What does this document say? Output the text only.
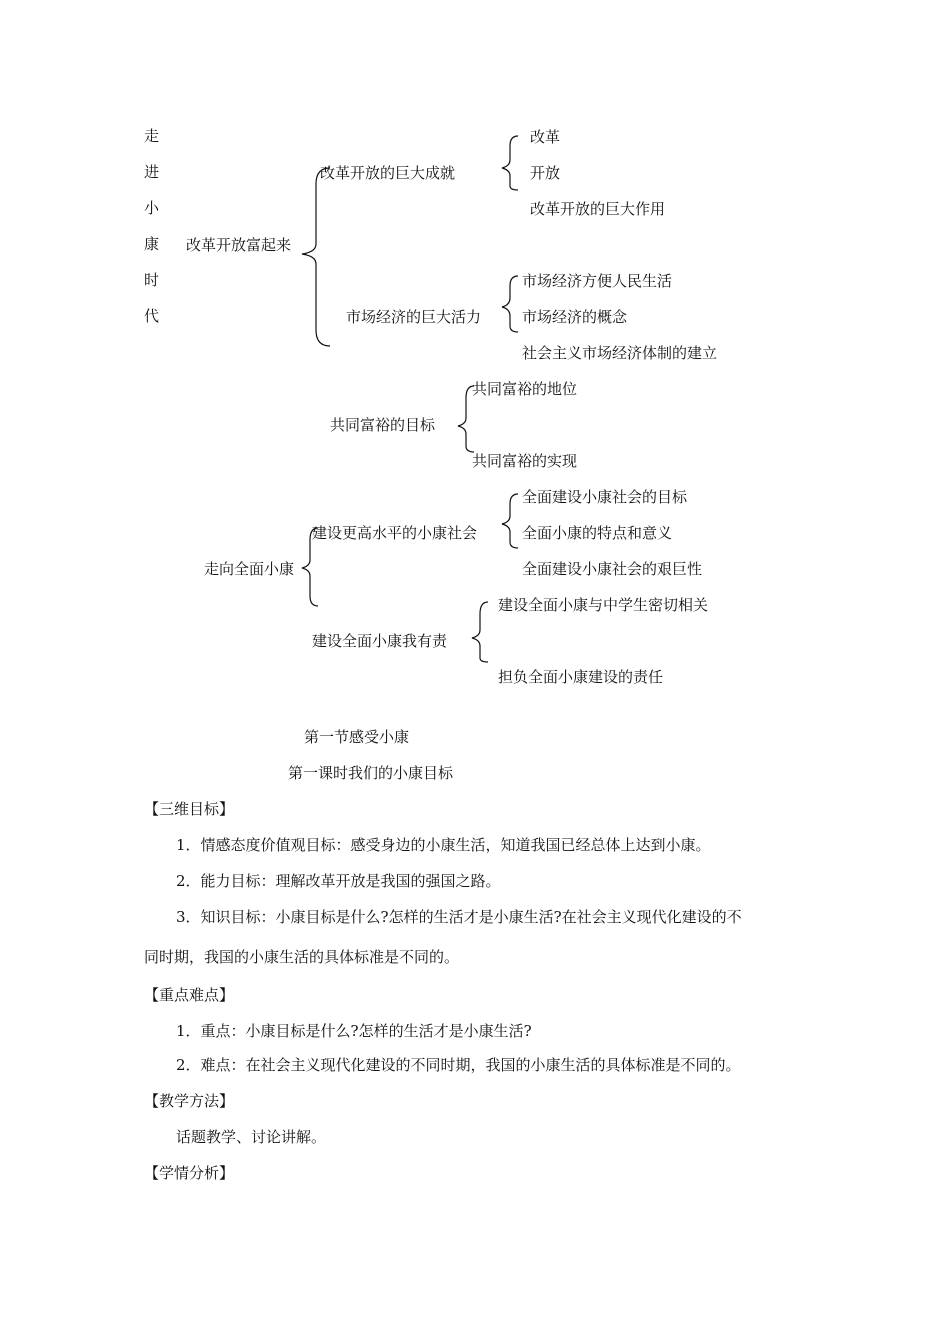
走
进
小
康
时
代
改革开放富起来
改革开放的巨大成就
改革
开放
改革开放的巨大作用
市场经济的巨大活力
市场经济方便人民生活
市场经济的概念
社会主义市场经济体制的建立
共同富裕的目标
共同富裕的地位
共同富裕的实现
走向全面小康
建设更高水平的小康社会
全面建设小康社会的目标
全面小康的特点和意义
全面建设小康社会的艰巨性
建设全面小康我有责
建设全面小康与中学生密切相关
担负全面小康建设的责任
第一节感受小康
第一课时我们的小康目标
【三维目标】
1．情感态度价值观目标：感受身边的小康生活，知道我国已经总体上达到小康。
2．能力目标：理解改革开放是我国的强国之路。
3．知识目标：小康目标是什么?怎样的生活才是小康生活?在社会主义现代化建设的不
同时期，我国的小康生活的具体标准是不同的。
【重点难点】
1．重点：小康目标是什么?怎样的生活才是小康生活?
2．难点：在社会主义现代化建设的不同时期，我国的小康生活的具体标准是不同的。
【教学方法】
话题教学、讨论讲解。
【学情分析】
